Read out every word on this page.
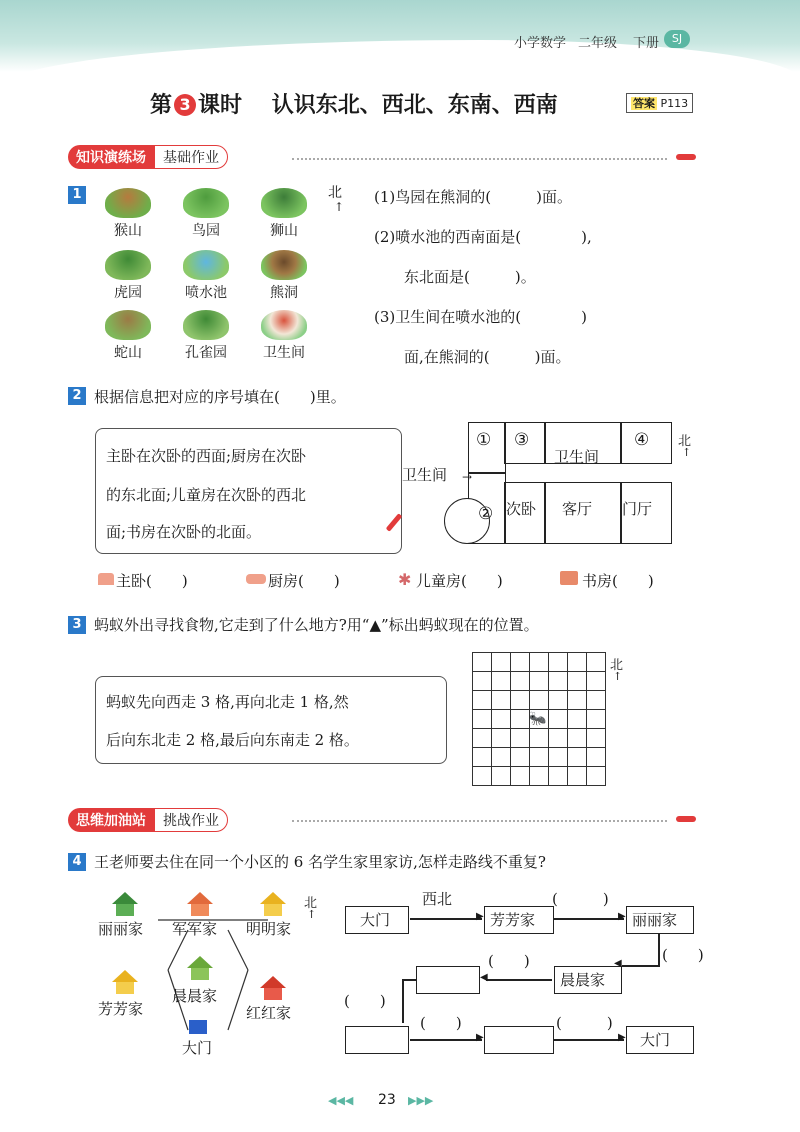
小学数学 二年级 下册	SJ
第 3 课时 认识东北、西北、东南、西南	答案 P113
知识演练场 基础作业
1
猴山	鸟园	狮山
虎园	喷水池	熊洞
蛇山	孔雀园	卫生间
北
↑
(1)鸟园在熊洞的(　　　)面。
(2)喷水池的西南面是(　　　　),
东北面是(　　　)。
(3)卫生间在喷水池的(　　　　)
面,在熊洞的(　　　)面。
2 根据信息把对应的序号填在(　　)里。
主卧在次卧的西面;厨房在次卧
的东北面;儿童房在次卧的西北
面;书房在次卧的北面。
① ③
卫生间
④ 北
↑
卫生间 →
② 次卧 客厅 门厅
主卧(　　)	厨房(　　)	✱ 儿童房(　　)	书房(　　)
3 蚂蚁外出寻找食物,它走到了什么地方?用“▲”标出蚂蚁现在的位置。
蚂蚁先向西走 3 格,再向北走 1 格,然
后向东北走 2 格,最后向东南走 2 格。

🐜
北
↑
思维加油站 挑战作业
4 王老师要去住在同一个小区的 6 名学生家里家访,怎样走路线不重复?
丽丽家 军军家 明明家
芳芳家
晨晨家
红红家
大门
北
↑	大门
西北
▶ 芳芳家
(　　　)
▶ 丽丽家
(　　)
◀
晨晨家
(　　)
◀
(　　)
(　　)
▶
(　　　)
▶ 大门
◀◀◀ 23 ▶▶▶
